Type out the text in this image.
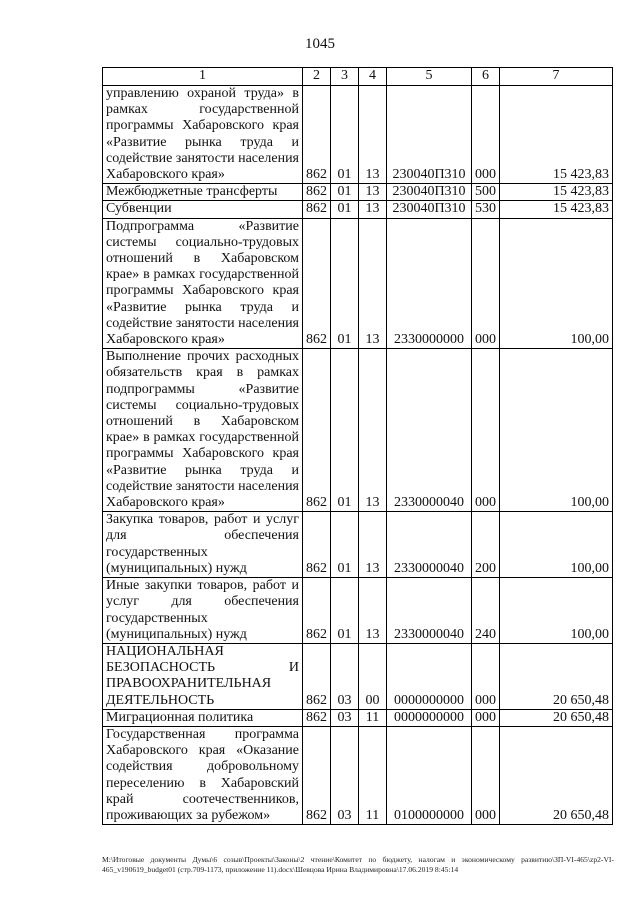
1045
1	2	3	4	5	6	7
управлению охраной труда» в рамках государственной программы Хабаровского края «Развитие рынка труда и содействие занятости населения Хабаровского края»	862	01	13	230040П310	000	15 423,83
Межбюджетные трансферты	862	01	13	230040П310	500	15 423,83
Субвенции	862	01	13	230040П310	530	15 423,83
Подпрограмма «Развитие системы социально-трудовых отношений в Хабаровском крае» в рамках государственной программы Хабаровского края «Развитие рынка труда и содействие занятости населения Хабаровского края»	862	01	13	2330000000	000	100,00
Выполнение прочих расходных обязательств края в рамках подпрограммы «Развитие системы социально-трудовых отношений в Хабаровском крае» в рамках государственной программы Хабаровского края «Развитие рынка труда и содействие занятости населения Хабаровского края»	862	01	13	2330000040	000	100,00
Закупка товаров, работ и услуг для обеспечения государственных (муниципальных) нужд	862	01	13	2330000040	200	100,00
Иные закупки товаров, работ и услуг для обеспечения государственных (муниципальных) нужд	862	01	13	2330000040	240	100,00
НАЦИОНАЛЬНАЯ БЕЗОПАСНОСТЬ И ПРАВООХРАНИТЕЛЬНАЯ ДЕЯТЕЛЬНОСТЬ	862	03	00	0000000000	000	20 650,48
Миграционная политика	862	03	11	0000000000	000	20 650,48
Государственная программа Хабаровского края «Оказание содействия добровольному переселению в Хабаровский край соотечественников, проживающих за рубежом»	862	03	11	0100000000	000	20 650,48
М:\Итоговые документы Думы\6 созыв\Проекты\Законы\2 чтение\Комитет по бюджету, налогам и экономическому развитию\ЗП-VI-465\zp2-VI-465_v190619_budget01 (стр.709-1173, приложение 11).docx\Шевцова Ирина Владимировна\17.06.2019 8:45:14
